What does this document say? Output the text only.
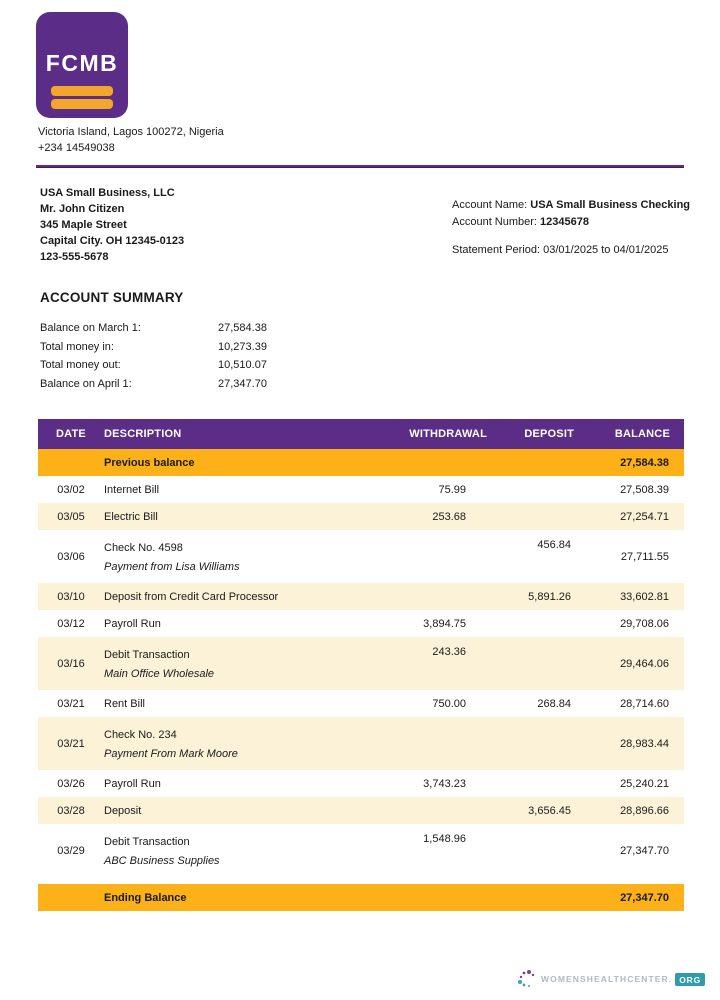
FCMB
Victoria Island, Lagos 100272, Nigeria
+234 14549038
USA Small Business, LLC
Mr. John Citizen
345 Maple Street
Capital City. OH 12345-0123
123-555-5678
Account Name: USA Small Business Checking
Account Number: 12345678
Statement Period: 03/01/2025 to 04/01/2025
ACCOUNT SUMMARY
Balance on March 1:	27,584.38
Total money in:	10,273.39
Total money out:	10,510.07
Balance on April 1:	27,347.70
DATE	DESCRIPTION	WITHDRAWAL	DEPOSIT	BALANCE
	Previous balance			27,584.38
03/02	Internet Bill	75.99		27,508.39
03/05	Electric Bill	253.68		27,254.71
03/06	Check No. 4598
Payment from Lisa Williams		456.84	27,711.55
03/10	Deposit from Credit Card Processor		5,891.26	33,602.81
03/12	Payroll Run	3,894.75		29,708.06
03/16	Debit Transaction
Main Office Wholesale	243.36		29,464.06
03/21	Rent Bill	750.00	268.84	28,714.60
03/21	Check No. 234
Payment From Mark Moore			28,983.44
03/26	Payroll Run	3,743.23		25,240.21
03/28	Deposit		3,656.45	28,896.66
03/29	Debit Transaction
ABC Business Supplies	1,548.96		27,347.70

	Ending Balance			27,347.70
WOMENSHEALTHCENTER. ORG
